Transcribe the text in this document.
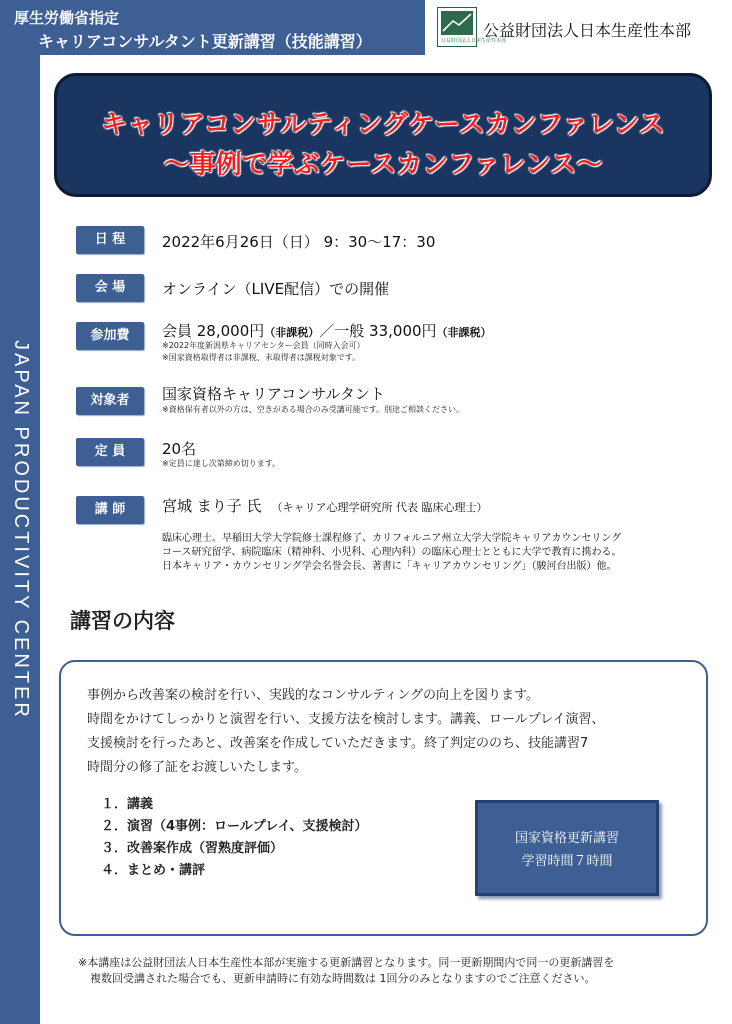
厚生労働省指定
キャリアコンサルタント更新講習（技能講習）
JAPAN PRODUCTIVITY CENTER
公益財団法人日本生産性本部
公益財団法人日本生産性本部
キャリアコンサルティングケースカンファレンス
～事例で学ぶケースカンファレンス～
日 程	2022年6月26日（日） 9：30～17：30
会 場	オンライン（LIVE配信）での開催
参加費	会員 28,000円（非課税）／一般 33,000円（非課税）
※2022年度新潟県キャリアセンター会員（同時入会可）
※国家資格取得者は非課税、未取得者は課税対象です。
対象者	国家資格キャリアコンサルタント
※資格保有者以外の方は、空きがある場合のみ受講可能です。別途ご相談ください。
定 員	20名
※定員に達し次第締め切ります。
講 師	宮城 まり子 氏 （キャリア心理学研究所 代表 臨床心理士）
臨床心理士。早稲田大学大学院修士課程修了、カリフォルニア州立大学大学院キャリアカウンセリング
コース研究留学、病院臨床（精神科、小児科、心理内科）の臨床心理士とともに大学で教育に携わる。
日本キャリア・カウンセリング学会名誉会長、著書に「キャリアカウンセリング」（駿河台出版）他。
講習の内容
事例から改善案の検討を行い、実践的なコンサルティングの向上を図ります。
時間をかけてしっかりと演習を行い、支援方法を検討します。講義、ロールプレイ演習、
支援検討を行ったあと、改善案を作成していただきます。終了判定ののち、技能講習7
時間分の修了証をお渡しいたします。
１．講義
２．演習（4事例：ロールプレイ、支援検討）
３．改善案作成（習熟度評価）
４．まとめ・講評
国家資格更新講習
学習時間７時間
※本講座は公益財団法人日本生産性本部が実施する更新講習となります。同一更新期間内で同一の更新講習を
複数回受講された場合でも、更新申請時に有効な時間数は 1回分のみとなりますのでご注意ください。
